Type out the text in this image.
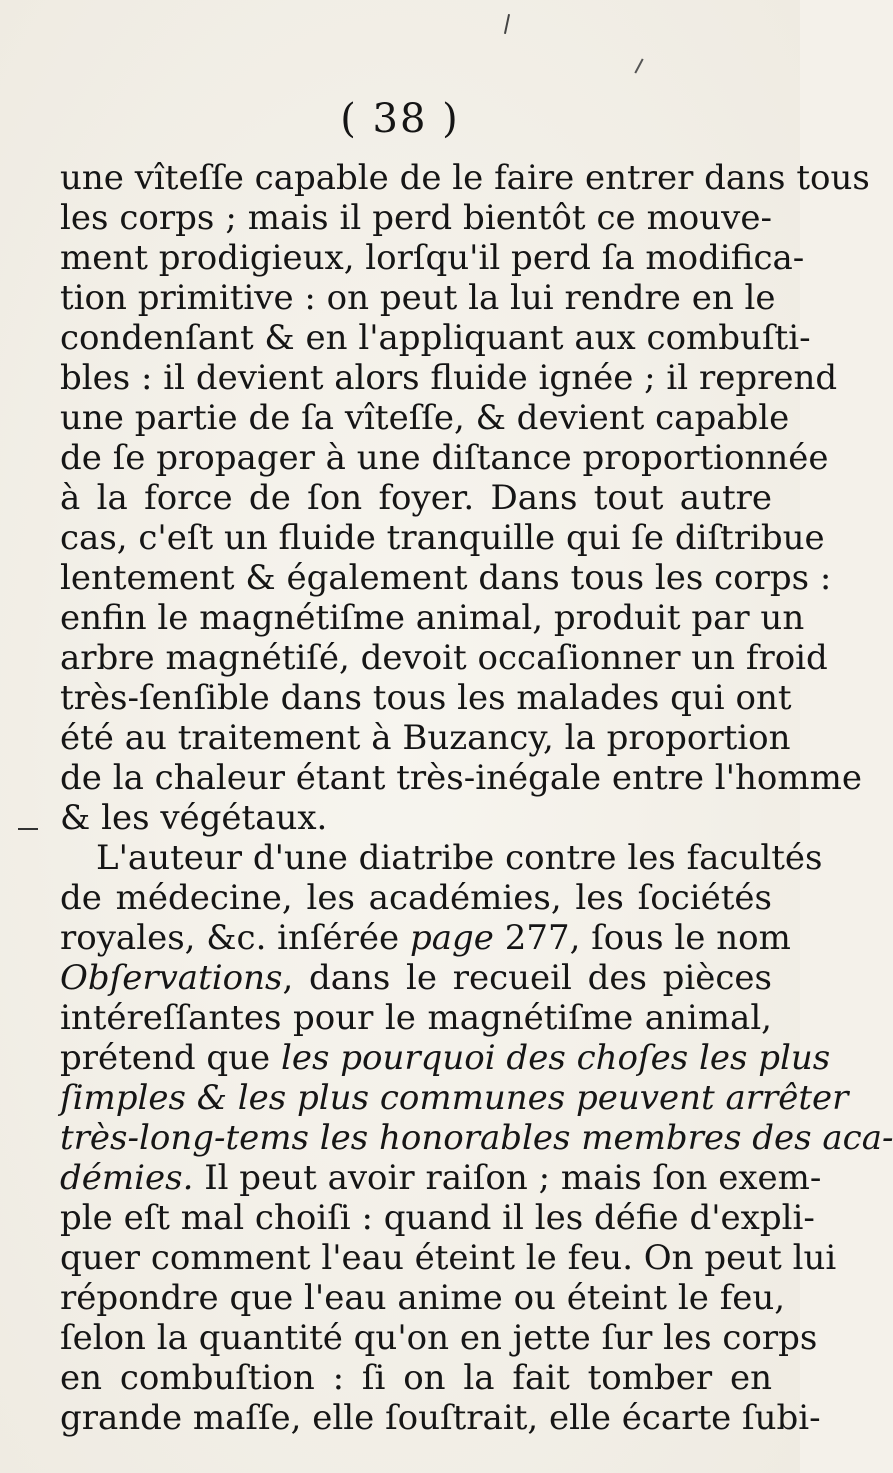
( 38 )
une vîteſſe capable de le faire entrer dans tous
les corps ; mais il perd bientôt ce mouve-
ment prodigieux, lorſqu'il perd ſa modifica-
tion primitive : on peut la lui rendre en le
condenſant & en l'appliquant aux combuſti-
bles : il devient alors fluide ignée ; il reprend
une partie de ſa vîteſſe, & devient capable
de ſe propager à une diſtance proportionnée
à la force de ſon foyer. Dans tout autre
cas, c'eſt un fluide tranquille qui ſe diſtribue
lentement & également dans tous les corps :
enfin le magnétiſme animal, produit par un
arbre magnétiſé, devoit occaſionner un froid
très-ſenſible dans tous les malades qui ont
été au traitement à Buzancy, la proportion
de la chaleur étant très-inégale entre l'homme
& les végétaux.
L'auteur d'une diatribe contre les facultés
de médecine, les académies, les ſociétés
royales, &c. inſérée page 277, ſous le nom
Obſervations, dans le recueil des pièces
intéreſſantes pour le magnétiſme animal,
prétend que les pourquoi des choſes les plus
ſimples & les plus communes peuvent arrêter
très-long-tems les honorables membres des aca-
démies. Il peut avoir raiſon ; mais ſon exem-
ple eſt mal choiſi : quand il les défie d'expli-
quer comment l'eau éteint le feu. On peut lui
répondre que l'eau anime ou éteint le feu,
ſelon la quantité qu'on en jette ſur les corps
en combuſtion : ſi on la fait tomber en
grande maſſe, elle ſouſtrait, elle écarte ſubi-
